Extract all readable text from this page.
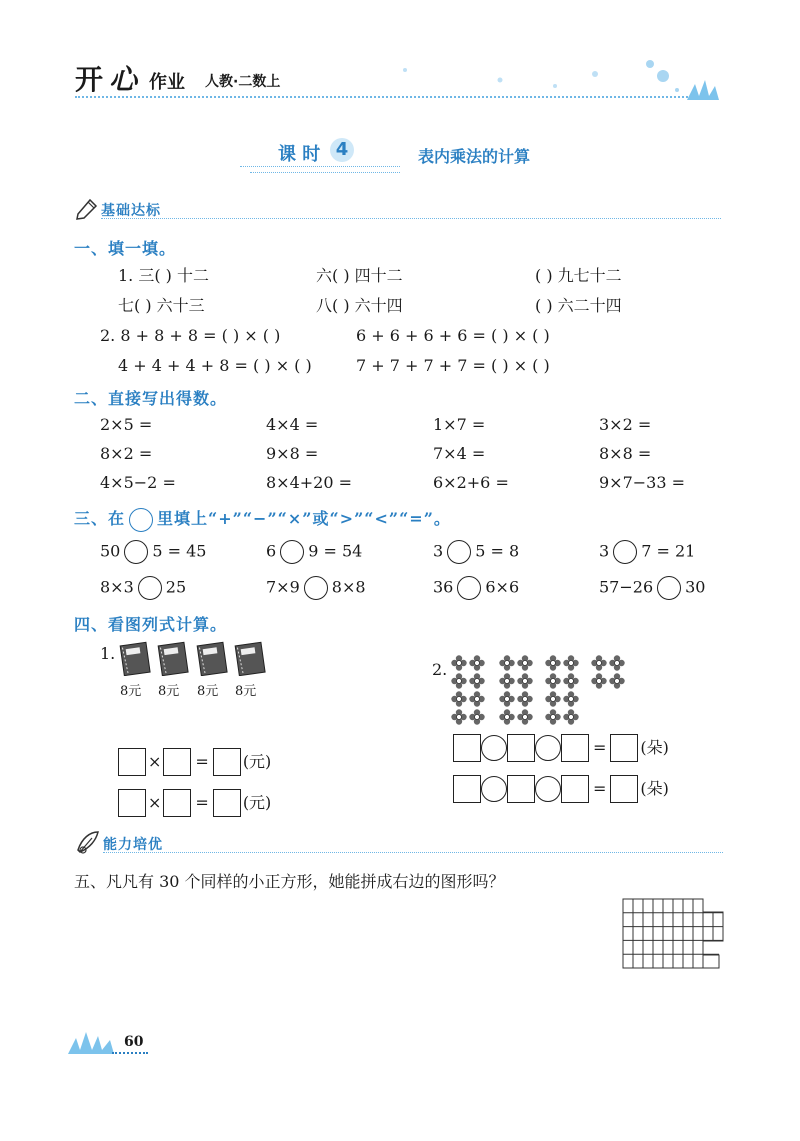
开 心 作业 人教·二数上
课 时 4	表内乘法的计算
基础达标
一、填一填。
1. 三( ) 十二	六( ) 四十二	( ) 九七十二
七( ) 六十三	八( ) 六十四	( ) 六二十四
2. 8 + 8 + 8 = ( ) × ( )	6 + 6 + 6 + 6 = ( ) × ( )
4 + 4 + 4 + 8 = ( ) × ( )	7 + 7 + 7 + 7 = ( ) × ( )
二、直接写出得数。
2×5 =	4×4 =	1×7 =	3×2 =
8×2 =	9×8 =	7×4 =	8×8 =
4×5−2 =	8×4+20 =	6×2+6 =	9×7−33 =
三、在 里填上“+”“−”“×”或“>”“<”“=”。
50 5 = 45	6 9 = 54	3 5 = 8	3 7 = 21
8×3 25	7×9 8×8	36 6×6	57−26 30
四、看图列式计算。
1.
8元 8元 8元 8元
× = (元)
× = (元)
2.
= (朵)
= (朵)
能力培优
五、凡凡有 30 个同样的小正方形，她能拼成右边的图形吗？
60
